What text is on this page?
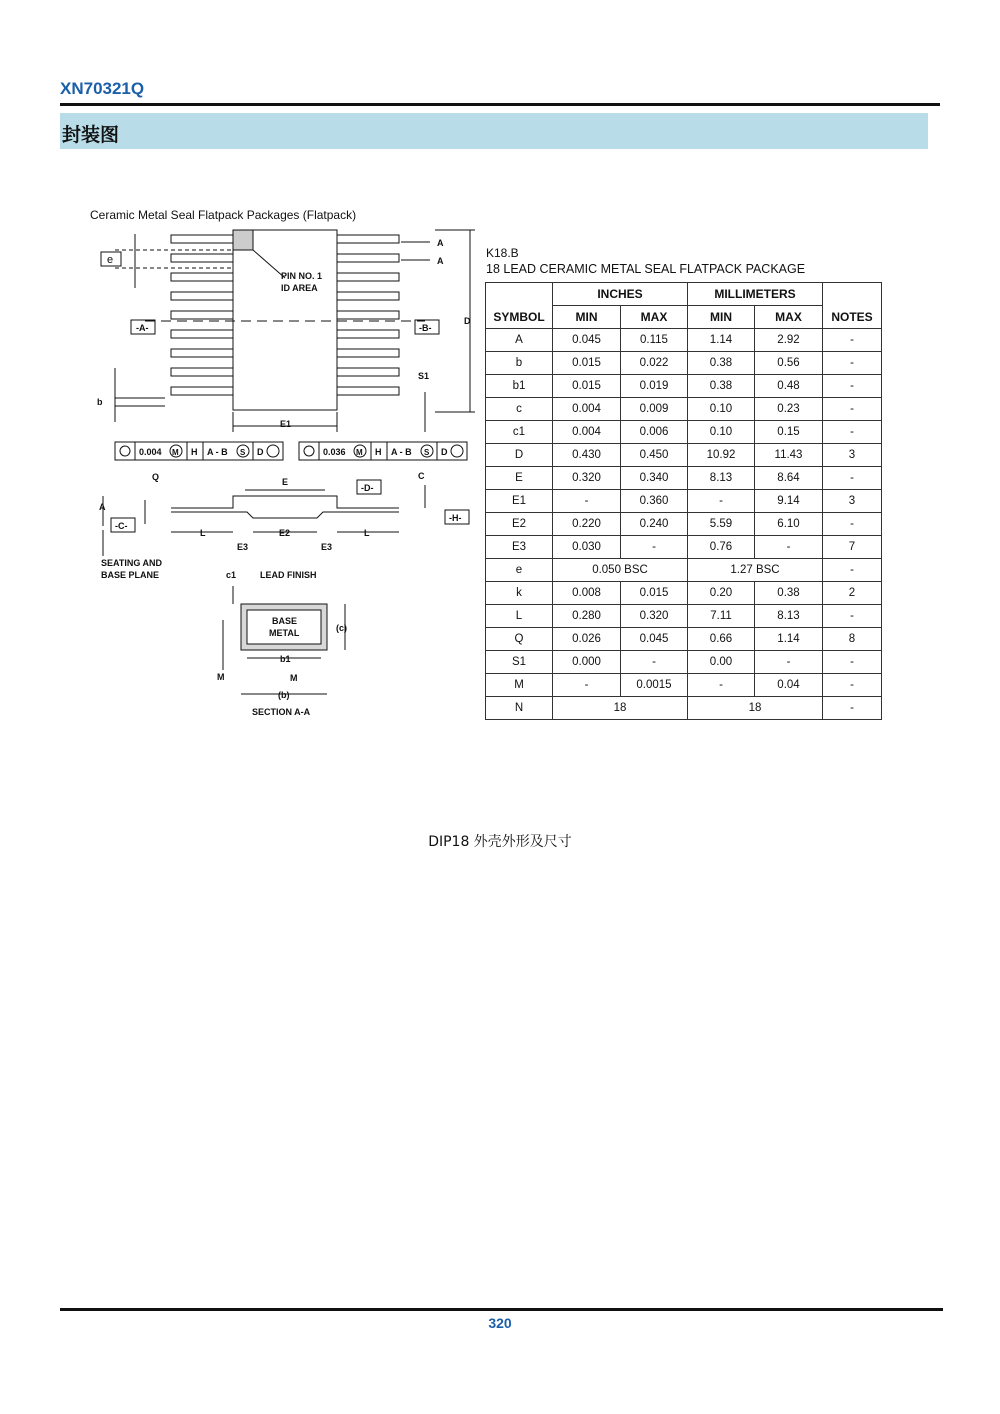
XN70321Q
封装图
Ceramic Metal Seal Flatpack Packages (Flatpack)
e
A
A
D
PIN NO. 1
ID AREA
-A-	-B-
b
S1
E1
0.004 M H A - B S D	0.036 M H A - B S D
Q
A
E
-D-
C
-H-
-C-
L	L
E2
E3	E3
SEATING AND
BASE PLANE	c1	LEAD FINISH
BASE
METAL	(c)
M
b1
M
(b)
SECTION A-A
K18.B
18 LEAD CERAMIC METAL SEAL FLATPACK PACKAGE
SYMBOL	INCHES		MILLIMETERS		NOTES
	MIN	MAX	MIN	MAX	
A	0.045	0.115	1.14	2.92	-
b	0.015	0.022	0.38	0.56	-
b1	0.015	0.019	0.38	0.48	-
c	0.004	0.009	0.10	0.23	-
c1	0.004	0.006	0.10	0.15	-
D	0.430	0.450	10.92	11.43	3
E	0.320	0.340	8.13	8.64	-
E1	-	0.360	-	9.14	3
E2	0.220	0.240	5.59	6.10	-
E3	0.030	-	0.76	-	7
e	0.050 BSC		1.27 BSC		-
k	0.008	0.015	0.20	0.38	2
L	0.280	0.320	7.11	8.13	-
Q	0.026	0.045	0.66	1.14	8
S1	0.000	-	0.00	-	-
M	-	0.0015	-	0.04	-
N	18		18		-
DIP18 外壳外形及尺寸
320
